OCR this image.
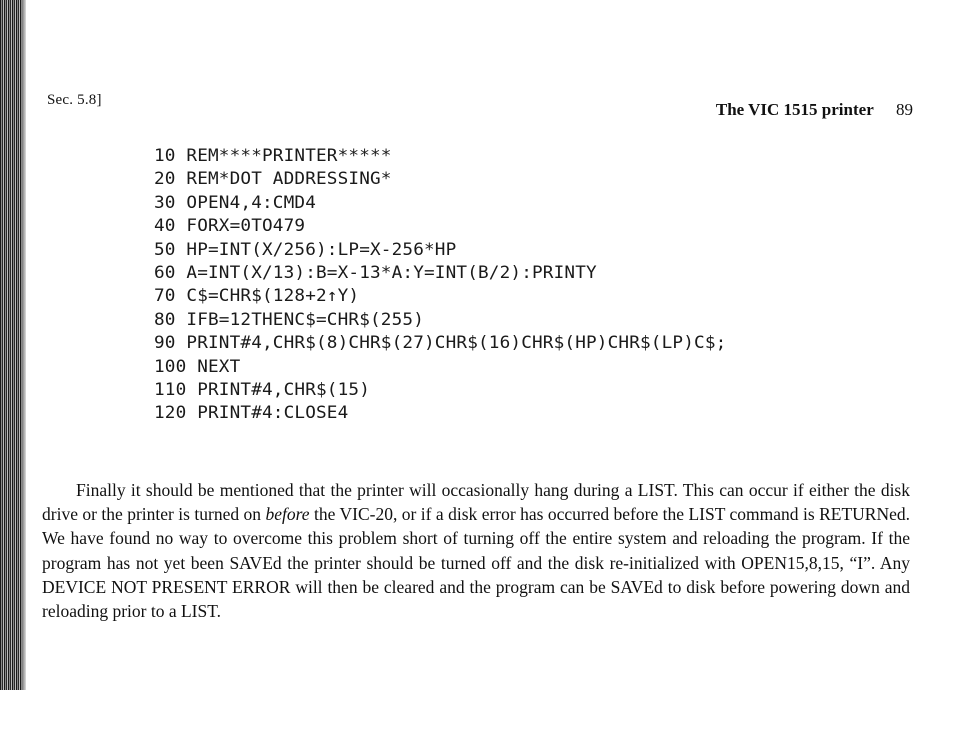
Sec. 5.8]	The VIC 1515 printer 89
10 REM****PRINTER*****
20 REM*DOT ADDRESSING*
30 OPEN4,4:CMD4
40 FORX=0TO479
50 HP=INT(X/256):LP=X-256*HP
60 A=INT(X/13):B=X-13*A:Y=INT(B/2):PRINTY
70 C$=CHR$(128+2↑Y)
80 IFB=12THENC$=CHR$(255)
90 PRINT#4,CHR$(8)CHR$(27)CHR$(16)CHR$(HP)CHR$(LP)C$;
100 NEXT
110 PRINT#4,CHR$(15)
120 PRINT#4:CLOSE4

Finally it should be mentioned that the printer will occasionally hang during a LIST. This can occur if either the disk drive or the printer is turned on before the VIC-20, or if a disk error has occurred before the LIST command is RETURNed. We have found no way to overcome this problem short of turning off the entire system and reloading the program. If the program has not yet been SAVEd the printer should be turned off and the disk re-initialized with OPEN15,8,15, “I”. Any DEVICE NOT PRESENT ERROR will then be cleared and the program can be SAVEd to disk before powering down and reloading prior to a LIST.
